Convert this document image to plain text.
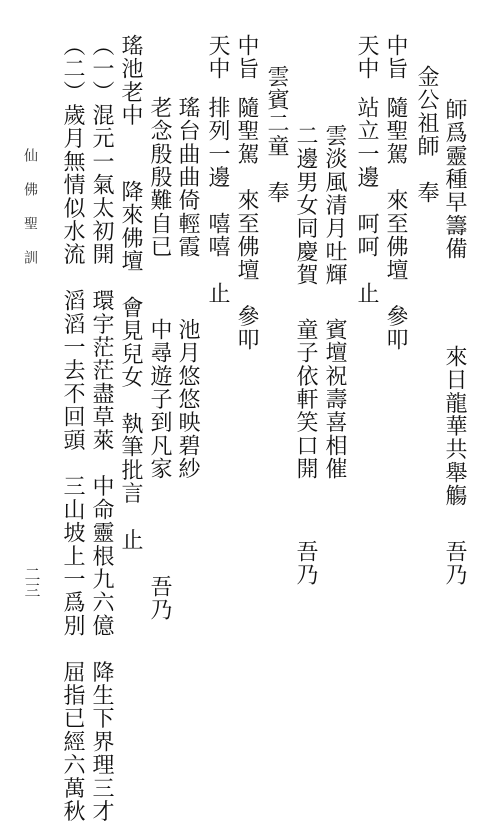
師爲靈種早籌備
來日龍華共舉觴
吾乃
金公祖師　奉
中旨
隨聖駕　來至佛壇　參叩
天中
站立一邊　呵呵　止
雲淡風清月吐輝
賓壇祝壽喜相催
二邊男女同慶賀
童子依軒笑口開
吾乃
雲賓二童　奉
中旨
隨聖駕　來至佛壇　參叩
天中
排列一邊　嘻嘻　止
瑤台曲曲倚輕霞
池月悠悠映碧紗
老念殷殷難自已
中尋遊子到凡家
吾乃
瑤池老中
降來佛壇　會見兒女　執筆批言　止
（一）混元一氣太初開　環宇茫茫盡草萊　中命靈根九六億　降生下界理三才
（二）歲月無情似水流　滔滔一去不回頭　三山坡上一爲別　屈指已經六萬秋
仙佛聖訓
二三
